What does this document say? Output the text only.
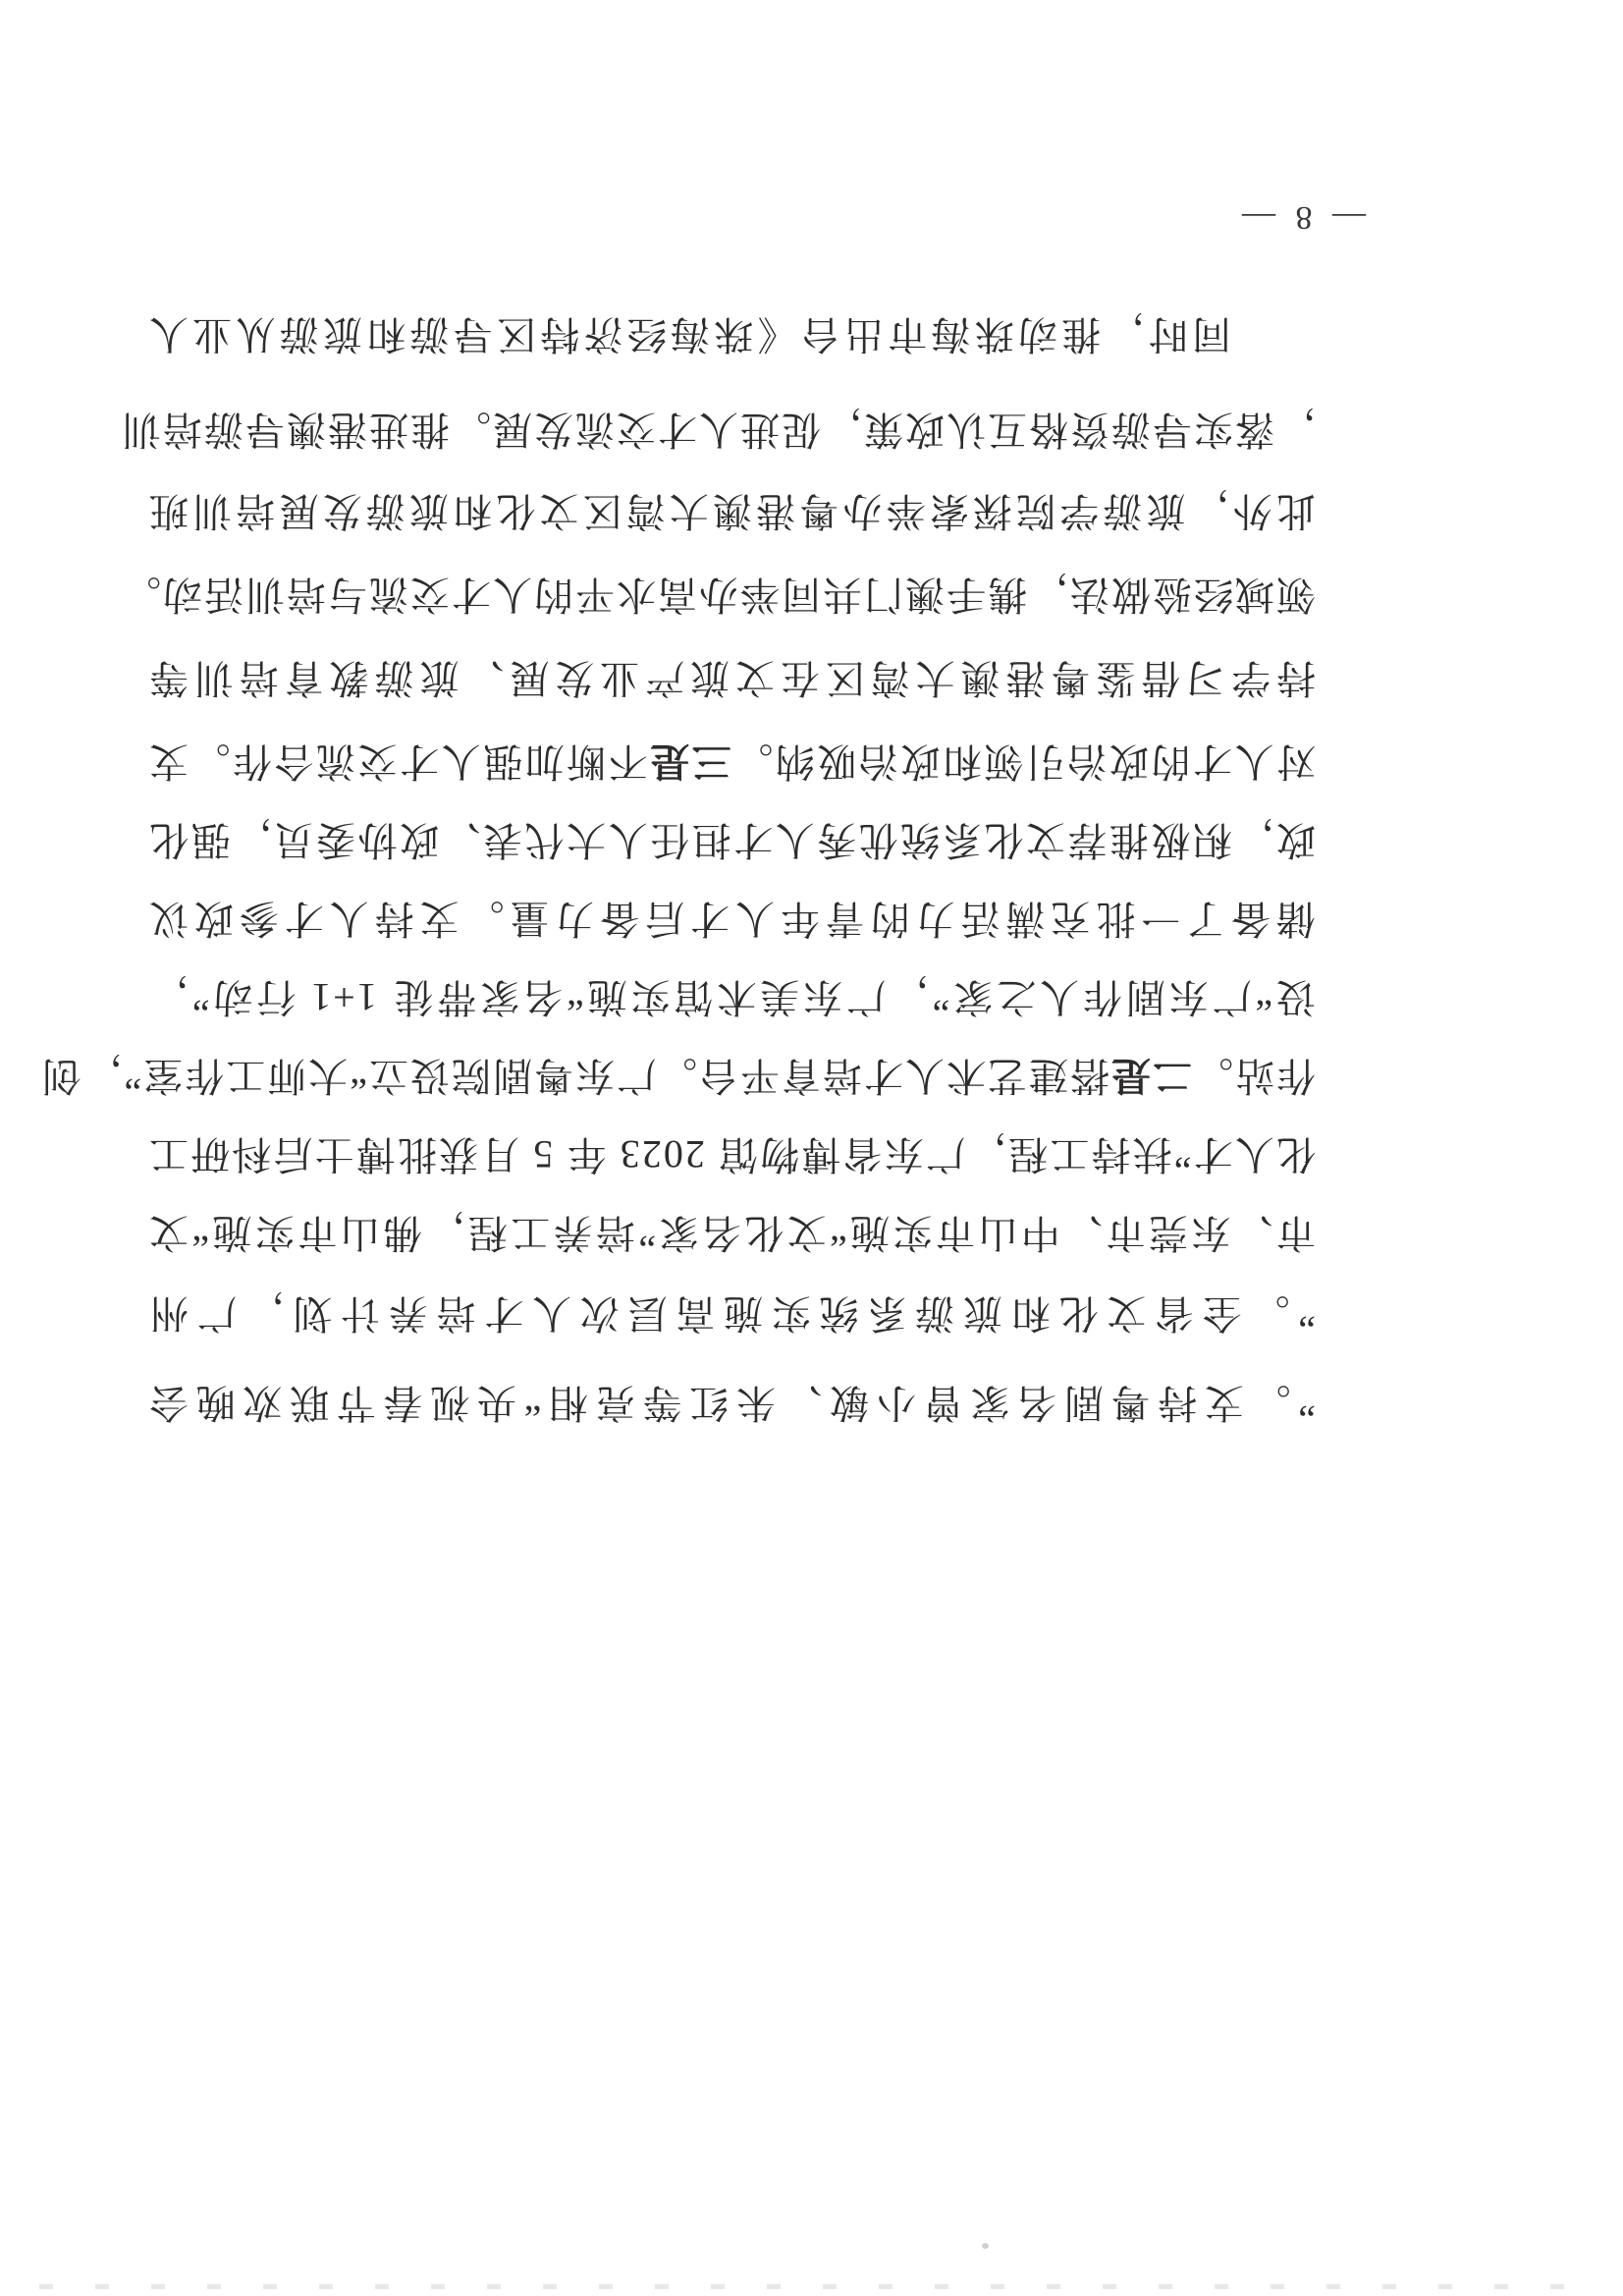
”。支持粤剧名家曾小敏、朱红等亮相“央视春节联欢晚会
”。全省文化和旅游系统实施高层次人才培养计划，广州
市、东莞市、中山市实施“文化名家”培养工程，佛山市实施“文
化人才”扶持工程，广东省博物馆 2023 年 5 月获批博士后科研工
作站。二是搭建艺术人才培育平台。广东粤剧院设立“大师工作室”，创
设“广东剧作人之家”，广东美术馆实施“名家带徒 1+1 行动”，
储备了一批充满活力的青年人才后备力量。支持人才参政议
政，积极推荐文化系统优秀人才担任人大代表、政协委员，强化
对人才的政治引领和政治吸纳。三是不断加强人才交流合作。支
持学习借鉴粤港澳大湾区在文旅产业发展、旅游教育培训等
领域经验做法，携手澳门共同举办高水平的人才交流与培训活动。
此外，旅游学院探索举办粤港澳大湾区文化和旅游发展培训班
，落实导游资格互认政策，促进人才交流发展。推进港澳导游培训
同时，推动珠海市出台《珠海经济特区导游和旅游从业人
— 8 —
